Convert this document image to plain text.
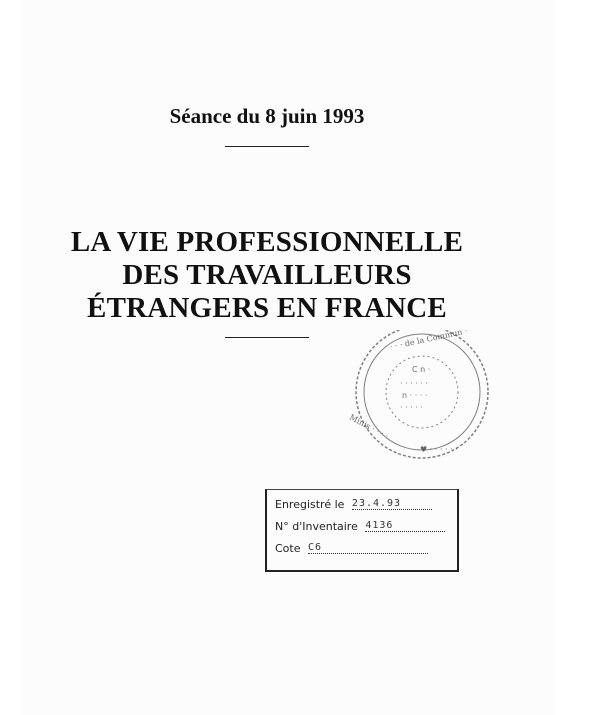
Séance du 8 juin 1993
LA VIE PROFESSIONNELLE
DES TRAVAILLEURS
ÉTRANGERS EN FRANCE
C n ·
· · · · · ·
n · · · ·
· · · · ·
· · · de la Commun · ·
Minis · · · ·
♥ · · · · · ·
Enregistré le 23.4.93
N° d'Inventaire 4136
Cote C6
